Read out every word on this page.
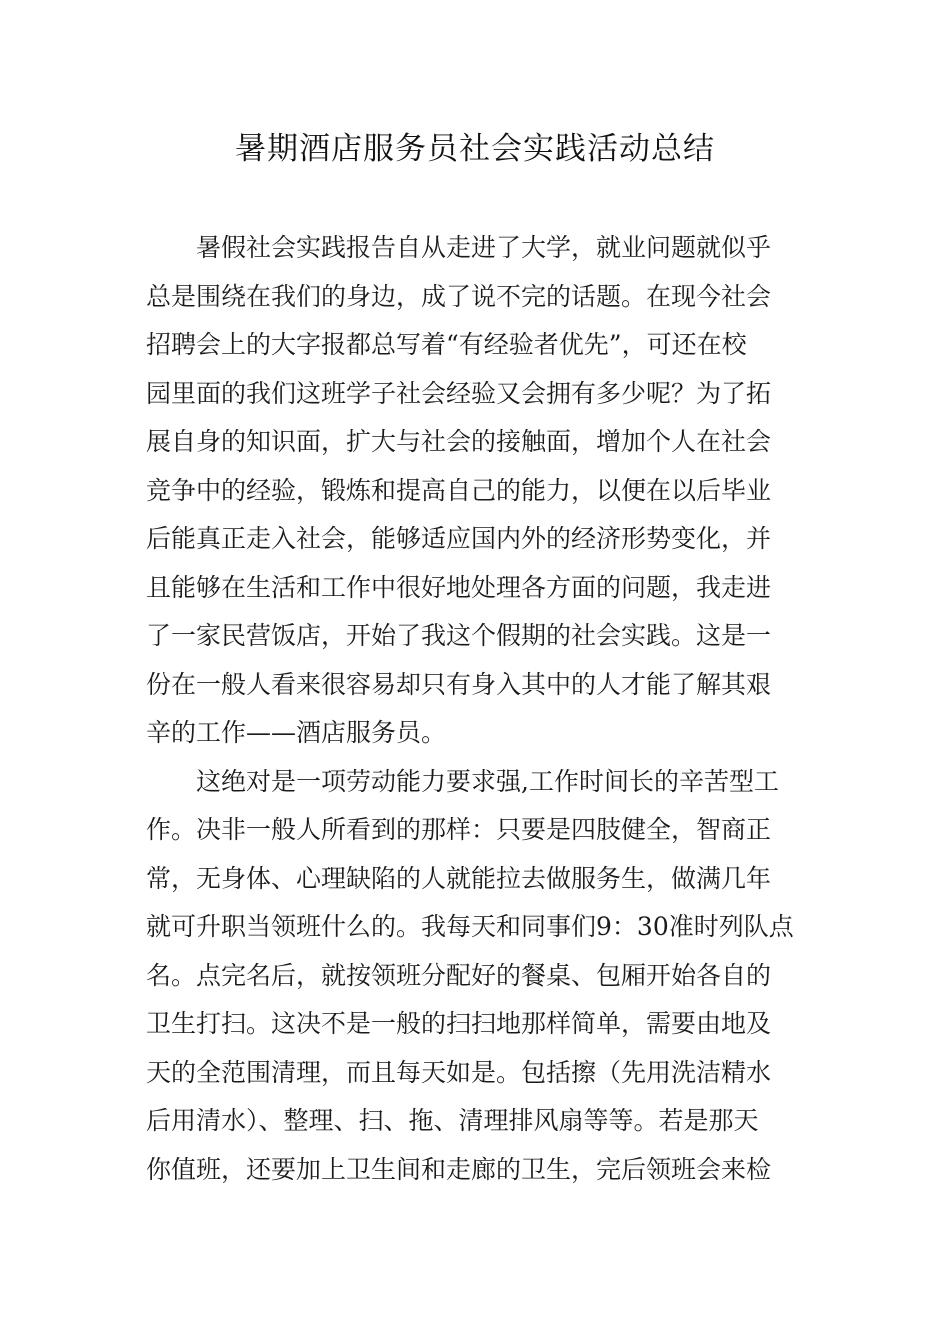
暑期酒店服务员社会实践活动总结
暑假社会实践报告自从走进了大学，就业问题就似乎
总是围绕在我们的身边，成了说不完的话题。在现今社会
招聘会上的大字报都总写着“有经验者优先”，可还在校
园里面的我们这班学子社会经验又会拥有多少呢？为了拓
展自身的知识面，扩大与社会的接触面，增加个人在社会
竞争中的经验，锻炼和提高自己的能力，以便在以后毕业
后能真正走入社会，能够适应国内外的经济形势变化，并
且能够在生活和工作中很好地处理各方面的问题，我走进
了一家民营饭店，开始了我这个假期的社会实践。这是一
份在一般人看来很容易却只有身入其中的人才能了解其艰
辛的工作——酒店服务员。
这绝对是一项劳动能力要求强,工作时间长的辛苦型工
作。决非一般人所看到的那样：只要是四肢健全，智商正
常，无身体、心理缺陷的人就能拉去做服务生，做满几年
就可升职当领班什么的。我每天和同事们9：30准时列队点
名。点完名后，就按领班分配好的餐桌、包厢开始各自的
卫生打扫。这决不是一般的扫扫地那样简单，需要由地及
天的全范围清理，而且每天如是。包括擦（先用洗洁精水
后用清水）、整理、扫、拖、清理排风扇等等。若是那天
你值班，还要加上卫生间和走廊的卫生，完后领班会来检
